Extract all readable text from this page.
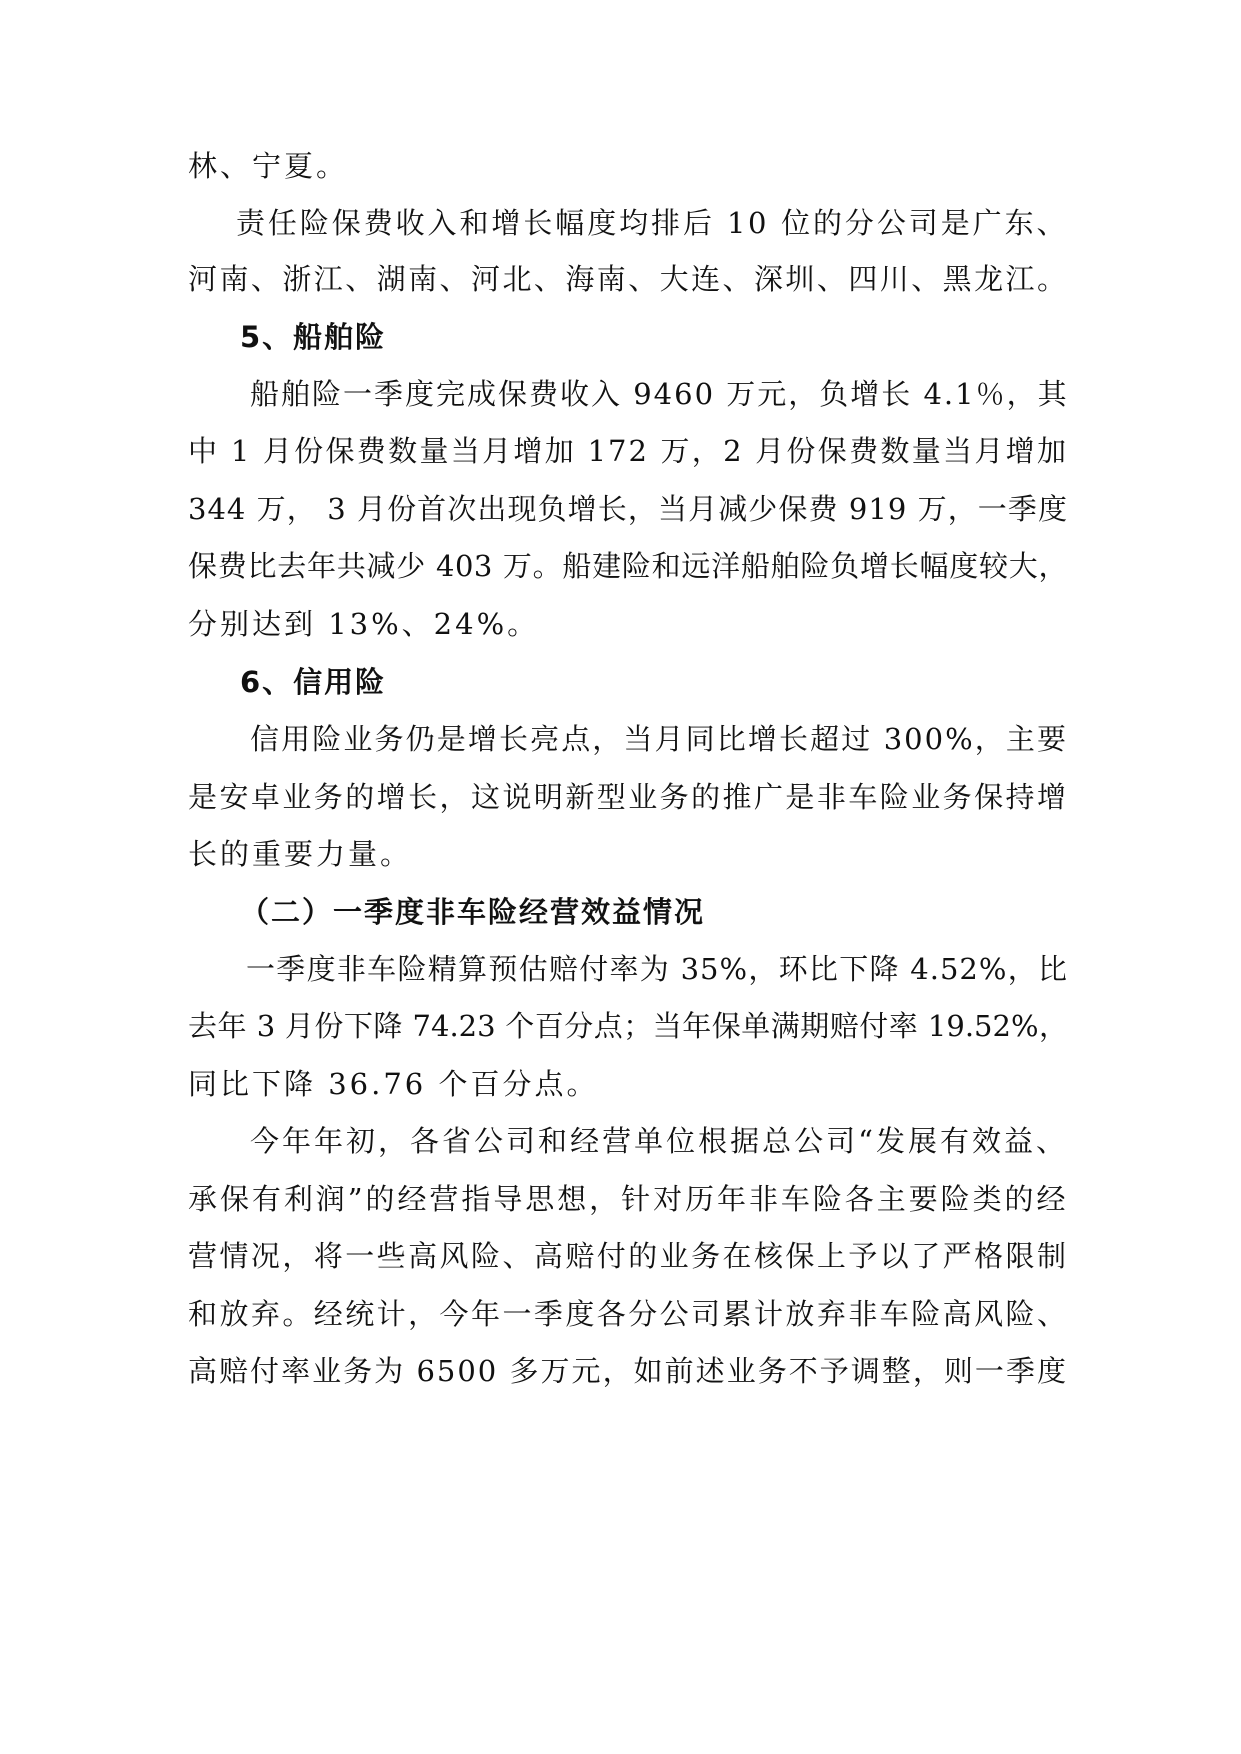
林、宁夏。
责任险保费收入和增长幅度均排后 10 位的分公司是广东、
河南、浙江、湖南、河北、海南、大连、深圳、四川、黑龙江。
5、船舶险
船舶险一季度完成保费收入 9460 万元，负增长 4.1％，其
中 1 月份保费数量当月增加 172 万，2 月份保费数量当月增加
344 万， 3 月份首次出现负增长，当月减少保费 919 万，一季度
保费比去年共减少 403 万。船建险和远洋船舶险负增长幅度较大，
分别达到 13%、24%。
6、信用险
信用险业务仍是增长亮点，当月同比增长超过 300%，主要
是安卓业务的增长，这说明新型业务的推广是非车险业务保持增
长的重要力量。
（二）一季度非车险经营效益情况
一季度非车险精算预估赔付率为 35%，环比下降 4.52%，比
去年 3 月份下降 74.23 个百分点；当年保单满期赔付率 19.52%，
同比下降 36.76 个百分点。
今年年初，各省公司和经营单位根据总公司“发展有效益、
承保有利润”的经营指导思想，针对历年非车险各主要险类的经
营情况，将一些高风险、高赔付的业务在核保上予以了严格限制
和放弃。经统计，今年一季度各分公司累计放弃非车险高风险、
高赔付率业务为 6500 多万元，如前述业务不予调整，则一季度
